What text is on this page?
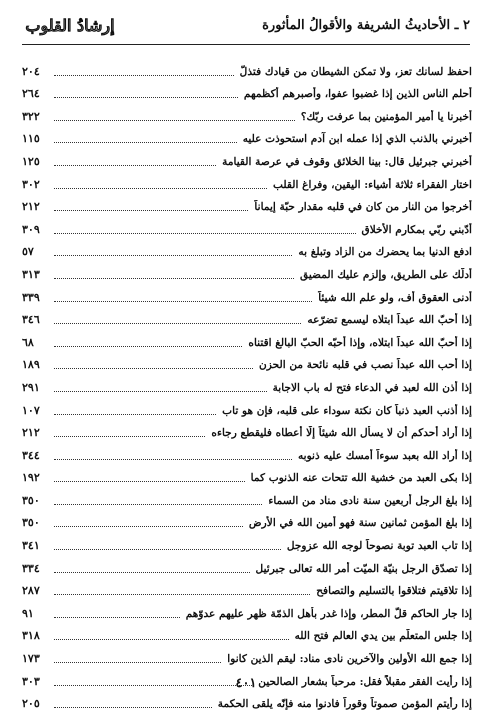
٢ ـ الأحاديثُ الشريفة والأقوالُ المأثورة
إرشادُ القلوب
احفظ لسانك تعز، ولا تمكن الشيطان من قيادك فتذلّ
٢٠٤
أحلم الناس الذين إذا غضبوا عفوا، وأصبرهم أكظمهم
٢٦٤
أخبرنا يا أمير المؤمنين بما عرفت ربّك؟
٣٢٢
أخبرني بالذنب الذي إذا عمله ابن آدم استحوذت عليه
١١٥
أخبرني جبرئيل قال: بينا الخلائق وقوف في عرصة القيامة
١٢٥
اختار الفقراء ثلاثة أشياء: اليقين، وفراغ القلب
٣٠٢
أخرجوا من النار من كان في قلبه مقدار حبّة إيماناً
٢١٢
أدّبني ربّي بمكارم الأخلاق
٣٠٩
ادفع الدنيا بما يحضرك من الزاد وتبلغ به
٥٧
أدلّك على الطريق، وإلزم عليك المضيق
٣١٣
أدنى العقوق أف، ولو علم الله شيئاً
٣٣٩
إذا أحبّ الله عبداً ابتلاه ليسمع تضرّعه
٣٤٦
إذا أحبّ الله عبداً ابتلاه، وإذا أحبّه الحبّ البالغ اقتناه
٦٨
إذا أحب الله عبداً نصب في قلبه نائحة من الحزن
١٨٩
إذا أذن الله لعبد في الدعاء فتح له باب الاجابة
٢٩١
إذا أذنب العبد ذنباً كان نكتة سوداء على قلبه، فإن هو تاب
١٠٧
إذا أراد أحدكم أن لا يسأل الله شيئاً إلّا أعطاه فليقطع رجاءه
٢١٢
إذا أراد الله بعبد سوءاً أمسك عليه ذنوبه
٣٤٤
إذا بكى العبد من خشية الله تتحات عنه الذنوب كما
١٩٢
إذا بلغ الرجل أربعين سنة نادى مناد من السماء
٣٥٠
إذا بلغ المؤمن ثمانين سنة فهو أمين الله في الأرض
٣٥٠
إذا تاب العبد توبة نصوحاً لوجه الله عزوجل
٣٤١
إذا تصدّق الرجل بنيّة الميّت أمر الله تعالى جبرئيل
٣٣٤
إذا تلاقيتم فتلاقوا بالتسليم والتصافح
٢٨٧
إذا جار الحاكم قلّ المطر، وإذا غدر بأهل الذمّة ظهر عليهم عدوّهم
٩١
إذا جلس المتعلّم بين يدي العالم فتح الله
٣١٨
إذا جمع الله الأولين والآخرين نادى مناد: ليقم الذين كانوا
١٧٣
إذا رأيت الفقر مقبلاً فقل: مرحباً بشعار الصالحين
٣٠٣
إذا رأيتم المؤمن صموتاً وقوراً فادنوا منه فإنّه يلقى الحكمة
٢٠٥
٤٠١
